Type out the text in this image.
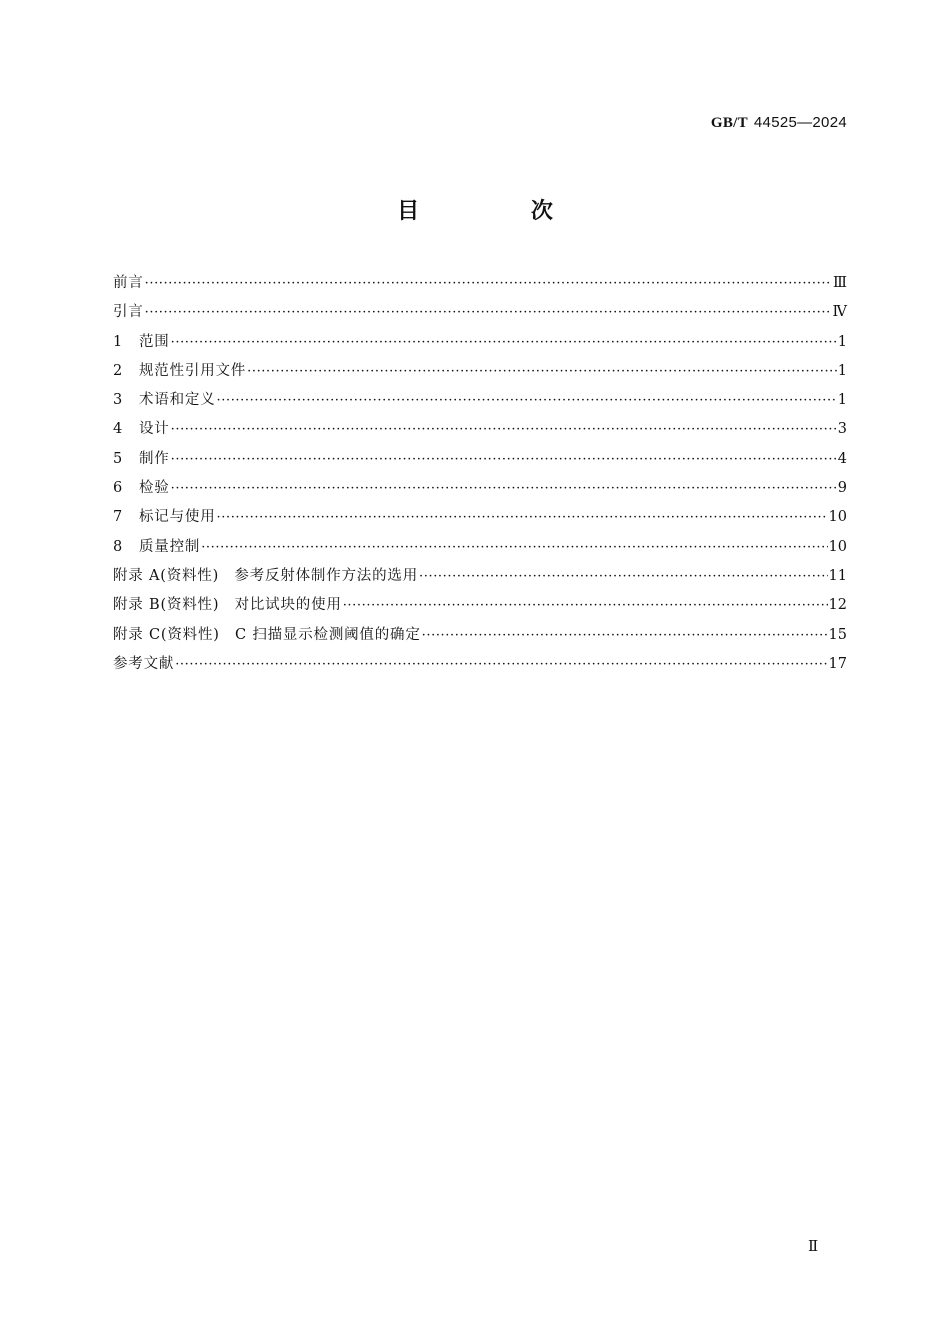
GB/T 44525—2024
目 次
前言 ·····	Ⅲ
引言 ·····	Ⅳ
1	范围 ·····	1
2	规范性引用文件 ·····	1
3	术语和定义 ·····	1
4	设计 ·····	3
5	制作 ·····	4
6	检验 ·····	9
7	标记与使用 ·····	10
8	质量控制 ·····	10
附录 A(资料性)　参考反射体制作方法的选用 ·····	11
附录 B(资料性)　对比试块的使用 ·····	12
附录 C(资料性)　C 扫描显示检测阈值的确定 ·····	15
参考文献 ·····	17
Ⅱ
